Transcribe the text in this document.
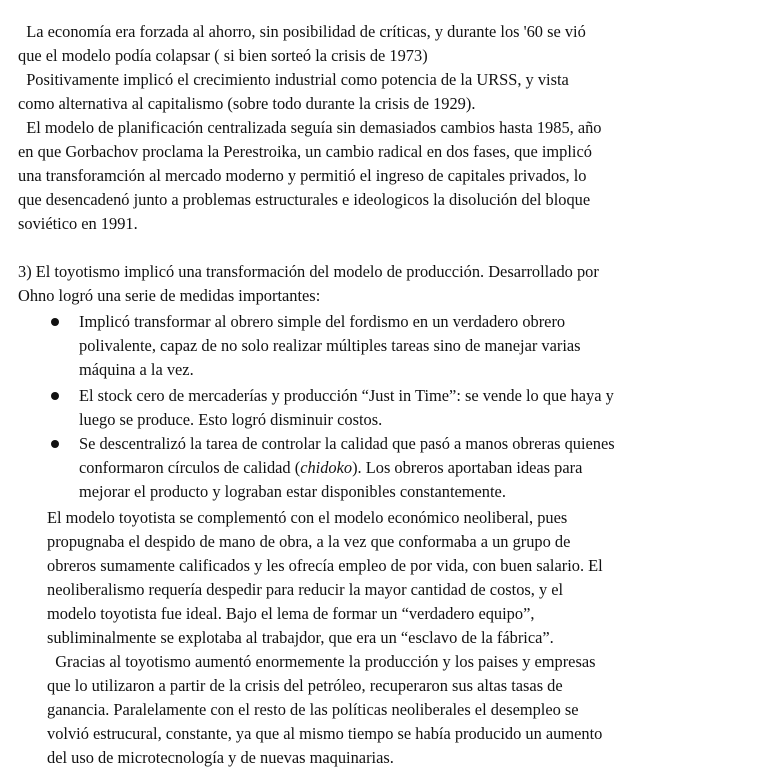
La economía era forzada al ahorro, sin posibilidad de críticas, y durante los '60 se vió
que el modelo podía colapsar ( si bien sorteó la crisis de 1973)
Positivamente implicó el crecimiento industrial como potencia de la URSS, y vista
como alternativa al capitalismo (sobre todo durante la crisis de 1929).
El modelo de planificación centralizada seguía sin demasiados cambios hasta 1985, año
en que Gorbachov proclama la Perestroika, un cambio radical en dos fases, que implicó
una transforamción al mercado moderno y permitió el ingreso de capitales privados, lo
que desencadenó junto a problemas estructurales e ideologicos la disolución del bloque
soviético en 1991.
3) El toyotismo implicó una transformación del modelo de producción. Desarrollado por
Ohno logró una serie de medidas importantes:
Implicó transformar al obrero simple del fordismo en un verdadero obrero
polivalente, capaz de no solo realizar múltiples tareas sino de manejar varias
máquina a la vez.
El stock cero de mercaderías y producción “Just in Time”: se vende lo que haya y
luego se produce. Esto logró disminuir costos.
Se descentralizó la tarea de controlar la calidad que pasó a manos obreras quienes
conformaron círculos de calidad (chidoko). Los obreros aportaban ideas para
mejorar el producto y lograban estar disponibles constantemente.
El modelo toyotista se complementó con el modelo económico neoliberal, pues
propugnaba el despido de mano de obra, a la vez que conformaba a un grupo de
obreros sumamente calificados y les ofrecía empleo de por vida, con buen salario. El
neoliberalismo requería despedir para reducir la mayor cantidad de costos, y el
modelo toyotista fue ideal. Bajo el lema de formar un “verdadero equipo”,
subliminalmente se explotaba al trabajdor, que era un “esclavo de la fábrica”.
Gracias al toyotismo aumentó enormemente la producción y los paises y empresas
que lo utilizaron a partir de la crisis del petróleo, recuperaron sus altas tasas de
ganancia. Paralelamente con el resto de las políticas neoliberales el desempleo se
volvió estrucural, constante, ya que al mismo tiempo se había producido un aumento
del uso de microtecnología y de nuevas maquinarias.
